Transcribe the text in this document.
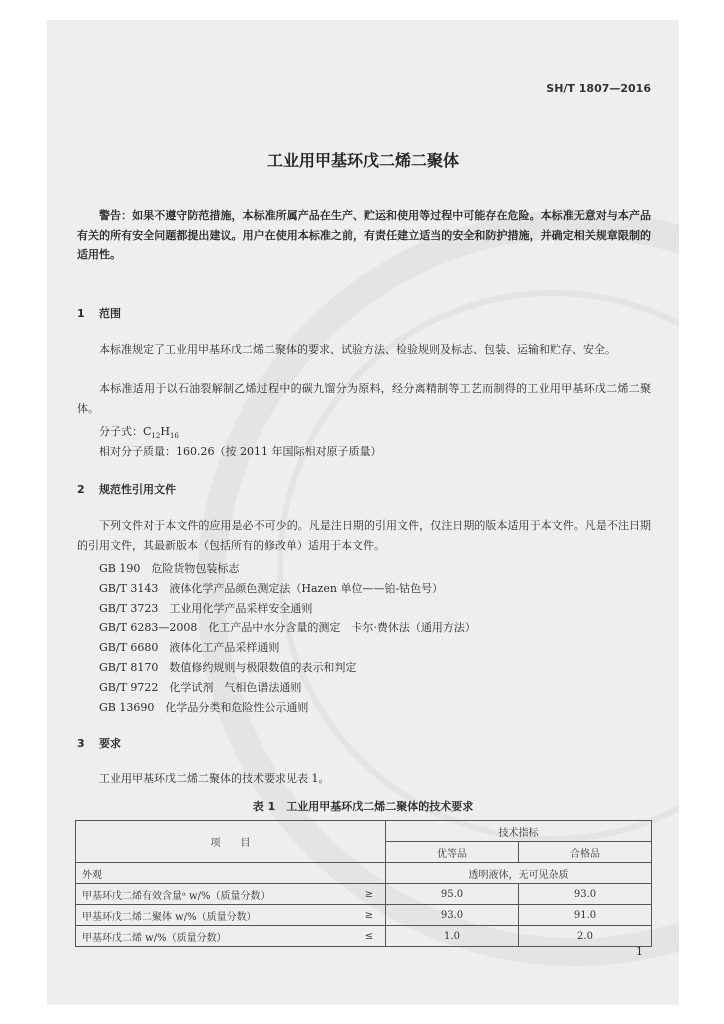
SH/T 1807—2016
工业用甲基环戊二烯二聚体
警告：如果不遵守防范措施，本标准所属产品在生产、贮运和使用等过程中可能存在危险。本标准无意对与本产品有关的所有安全问题都提出建议。用户在使用本标准之前，有责任建立适当的安全和防护措施，并确定相关规章限制的适用性。
1 范围
本标准规定了工业用甲基环戊二烯二聚体的要求、试验方法、检验规则及标志、包装、运输和贮存、安全。
本标准适用于以石油裂解制乙烯过程中的碳九馏分为原料，经分离精制等工艺而制得的工业用甲基环戊二烯二聚体。
分子式：$C_{12}H_{16}$
相对分子质量：160.26（按 2011 年国际相对原子质量）
2 规范性引用文件
下列文件对于本文件的应用是必不可少的。凡是注日期的引用文件，仅注日期的版本适用于本文件。凡是不注日期的引用文件，其最新版本（包括所有的修改单）适用于本文件。
GB 190　 危险货物包装标志
GB/T 3143　 液体化学产品颜色测定法（Hazen 单位——铂-钴色号）
GB/T 3723　 工业用化学产品采样安全通则
GB/T 6283—2008　 化工产品中水分含量的测定　卡尔·费休法（通用方法）
GB/T 6680　 液体化工产品采样通则
GB/T 8170　 数值修约规则与极限数值的表示和判定
GB/T 9722　 化学试剂　气相色谱法通则
GB 13690　 化学品分类和危险性公示通则
3 要求
工业用甲基环戊二烯二聚体的技术要求见表 1。
表 1　工业用甲基环戊二烯二聚体的技术要求
项　　目		技术指标	
		优等品	合格品
外观		透明液体，无可见杂质	
甲基环戊二烯有效含量ᵃ w/%（质量分数）	≥	95.0	93.0
甲基环戊二烯二聚体 w/%（质量分数）	≥	93.0	91.0
甲基环戊二烯 w/%（质量分数）	≤	1.0	2.0
1
